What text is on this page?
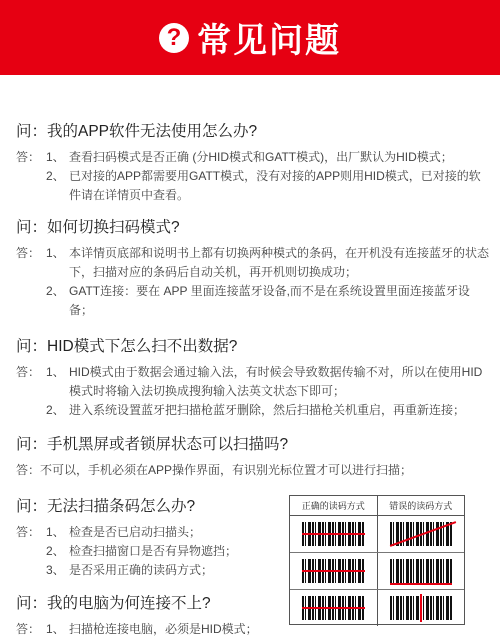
? 常见问题
问：我的APP软件无法使用怎么办?
答： 1、 查看扫码模式是否正确 (分HID模式和GATT模式)，出厂默认为HID模式；
2、 已对接的APP都需要用GATT模式，没有对接的APP则用HID模式，已对接的软件请在详情页中查看。
问：如何切换扫码模式?
答： 1、 本详情页底部和说明书上都有切换两种模式的条码，在开机没有连接蓝牙的状态下，扫描对应的条码后自动关机，再开机则切换成功；
2、 GATT连接：要在 APP 里面连接蓝牙设备,而不是在系统设置里面连接蓝牙设备；
问：HID模式下怎么扫不出数据?
答： 1、 HID模式由于数据会通过输入法，有时候会导致数据传输不对，所以在使用HID模式时将输入法切换成搜狗输入法英文状态下即可；
2、 进入系统设置蓝牙把扫描枪蓝牙删除，然后扫描枪关机重启，再重新连接；
问：手机黑屏或者锁屏状态可以扫描吗?
答：不可以，手机必须在APP操作界面，有识别光标位置才可以进行扫描；
问：无法扫描条码怎么办?
答： 1、 检查是否已启动扫描头；
2、 检查扫描窗口是否有异物遮挡；
3、 是否采用正确的读码方式；
问：我的电脑为何连接不上?
答： 1、 扫描枪连接电脑，必须是HID模式；
正确的读码方式	错误的读码方式
